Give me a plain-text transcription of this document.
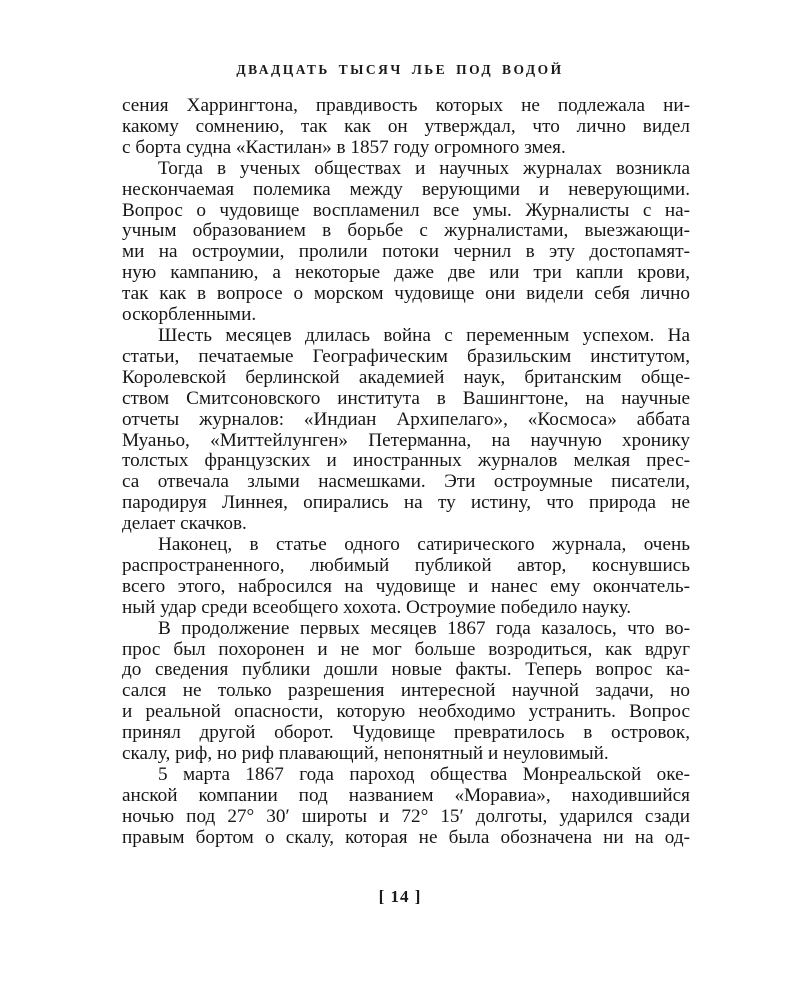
ДВАДЦАТЬ ТЫСЯЧ ЛЬЕ ПОД ВОДОЙ
сения Харрингтона, правдивость которых не подлежала ни-
какому сомнению, так как он утверждал, что лично видел
с борта судна «Кастилан» в 1857 году огромного змея.
Тогда в ученых обществах и научных журналах возникла
нескончаемая полемика между верующими и неверующими.
Вопрос о чудовище воспламенил все умы. Журналисты с на-
учным образованием в борьбе с журналистами, выезжающи-
ми на остроумии, пролили потоки чернил в эту достопамят-
ную кампанию, а некоторые даже две или три капли крови,
так как в вопросе о морском чудовище они видели себя лично
оскорбленными.
Шесть месяцев длилась война с переменным успехом. На
статьи, печатаемые Географическим бразильским институтом,
Королевской берлинской академией наук, британским обще-
ством Смитсоновского института в Вашингтоне, на научные
отчеты журналов: «Индиан Архипелаго», «Космоса» аббата
Муаньо, «Миттейлунген» Петерманна, на научную хронику
толстых французских и иностранных журналов мелкая прес-
са отвечала злыми насмешками. Эти остроумные писатели,
пародируя Линнея, опирались на ту истину, что природа не
делает скачков.
Наконец, в статье одного сатирического журнала, очень
распространенного, любимый публикой автор, коснувшись
всего этого, набросился на чудовище и нанес ему окончатель-
ный удар среди всеобщего хохота. Остроумие победило науку.
В продолжение первых месяцев 1867 года казалось, что во-
прос был похоронен и не мог больше возродиться, как вдруг
до сведения публики дошли новые факты. Теперь вопрос ка-
сался не только разрешения интересной научной задачи, но
и реальной опасности, которую необходимо устранить. Вопрос
принял другой оборот. Чудовище превратилось в островок,
скалу, риф, но риф плавающий, непонятный и неуловимый.
5 марта 1867 года пароход общества Монреальской оке-
анской компании под названием «Моравиа», находившийся
ночью под 27° 30′ широты и 72° 15′ долготы, ударился сзади
правым бортом о скалу, которая не была обозначена ни на од-
[ 14 ]
